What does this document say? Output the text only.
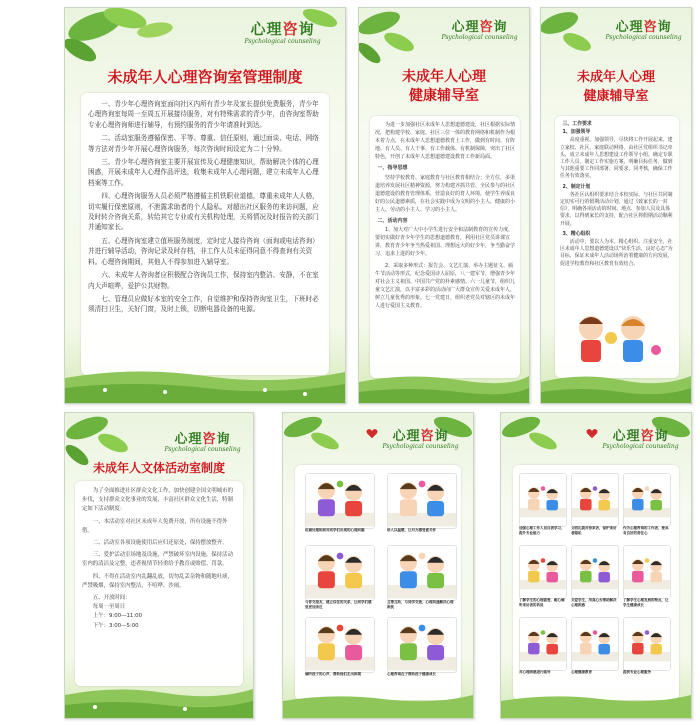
心理咨询
Psychological counseling
未成年人心理咨询室管理制度

一、青少年心理咨询室面向社区内所有青少年及家长提供免费服务，青少年心理咨询室每周一至周五开展接待服务，对有特殊需求的青少年，由咨询室帮助专业心理咨询师进行辅导，有预约服务的青少年请准时到达。

二、活动室服务遵循保密、平等、尊重、信任原则，通过面谈、电话、网络等方法对青少年开展心理咨询服务，每次咨询时间设定为二十分钟。

三、青少年心理咨询室主要开展宣传及心理健康知识，帮助解决个体的心理困惑，开展未成年人心理作品评选，收集未成年人心理问题，建立未成年人心理档案等工作。

四、心理咨询服务人员必须严格遵循主机铁职业道德，尊重未成年人人格，切实履行保密原则，不泄露求助者的个人隐私。对超出社区服务的来访问题，应及时转介咨询关系，转给其它专业或有关机构处理，关将情况及时报告的关部门并通知家长。

五、心理咨询室建立值班服务制度，定时定人接待咨询（面询或电话咨询）并进行辅导活动，咨询记录及时存档，非工作人员未征得同意不得查询有关资料。心理咨询期间，其他人不得参加进入辅导室。

六、未成年人咨询者应积极配合咨询员工作，保持室内整洁、安静，不在室内大声喧哗，爱护公共财物。

七、管理员应做好本室的安全工作，自觉维护和保持咨询室卫生，下班时必须清扫卫生，关好门窗，及时上锁，切断电器设备的电源。

心理咨询
Psychological counseling
未成年人心理
健康辅导室

为进一步加强社区未成年人思想道德建设，社区根据实际情况，把构建学校、家庭、社区三位一体的教育网络和机制作为根本着力点，在未成年人思想道德教育上工作，做到有时间、有阵地、有人员、有人干事、有工作载体、有机制保障，突出了社区特色，开创了未成年人思想道德建设教育工作新局面。

一、指导思想

坚持学校教育、家庭教育与社区教育相结合；全方位，多渠道培养发展社区精神资源，努力构建齐抓共管、全民参与的社区道德建设的教育管理体系，营造良好的育人环境，使学生养成良好的公民道德素质，在社会实践中成为文明的小主人、健康的小主人、劳动的小主人、学习的小主人。

二、活动内容

1、加大对广大中小学生进行安全和法制教育的宣传力度，要切实做好青少年学生的思想道德教育，利用社区党员讲课宣讲，教育青少年争当热爱祖国、理想远大的好少年，争当勤奋学习、追求上进的好少年。

2、采取多种形式：报告会、文艺汇演、举办主题征文、硕牛节活动等形式，纪念爱国诗人屈原，八一建军节，增强青少年对社会主义祖国、中国共产党的朴素感情。六一儿童节，组织儿童文艺汇演，以丰富多彩的活动向广大群众宣传关爱未成年人，树立儿童优秀的形象。七一党建日，组织老党员对辖区的未成年人进行爱国主义教育。

心理咨询
Psychological counseling
未成年人心理
健康辅导室

三、工作要求

1、加强领导

高度重视，加强领导，尽快将工作开展起来，建立家校、社区、家庭联动网络，由社区党组织书记牵头，成立未成年人思想建设工作领导小组，确定专职工作人员，制定工作实施方案，明确目标任务，做到与其他重要工作同部署、同要求、同考核，确保工作任务有效落实。

2、制定计划

各社区认组织要求结合本校实际，与社区共同制定切实可行的假期活动计划，通过《致家长的一封信》，明确各项活动的时间、地点、参加人员及具体要求，以得到家长的支持，配合社区将假期活动顺利开展。

3、精心组织

活动中，要以人为本，精心组织，注重安全，社区未成年人思想道德建设以“快乐生活，良好心态”为目标，保证未成年人活动场所治着健康的方向发展，促进学校教育和社区教育有效结合。

心理咨询
Psychological counseling
未成年人文体活动室制度

为了全面推进社区群众文化工作，加快创建全国文明城市的步伐，支持群众文化事业的发展，丰富社区群众文化生活，特制定如下活动制度：

一、本活动室对社区未成年人免费开放，所有设施不得外借。

二、活动室各项设施使用后应归还原处，保持摆放整齐。

三、爱护活动室场地及设施，严禁破坏室内设施，保持活动室内的清洁及完整，违者视情节轻重给予教育或赔偿、罚款。

四、不得在活动室内乱翻乱放，切勿乱丢杂物和随地吐痰，严禁吸烟，保持室内整洁，不喧哗、沙闹。

五、开放时间：

每周一至周日

上午：9:00—11:00

下午：3:00—5:00

心理咨询
Psychological counseling
坦诚处理和面对同学们出现的心理问题	给人以温暖，让对方感受被关怀
与你交朋友，建立信任的关系，让同学们感觉更加亲近
互帮互助，与同学交流，心理沟通解决心理困扰
倾听孩子的心声，帮助他们走出困境	心理咨询在于帮助孩子健康成长
心理咨询
Psychological counseling
加强心理工作人员自我学习，提升专业能力
文明礼貌对待来访，保护来访者隐私
作为心理咨询的工作者，要具有良好的责任心
了解学生的心理需要，耐心倾听来访者的诉说
关爱学生，用真心去帮助解决心理困惑
了解学生心理发展的特点，让学生健康成长
对心理困惑进行疏导	心理健康教育	提供专业心理服务
